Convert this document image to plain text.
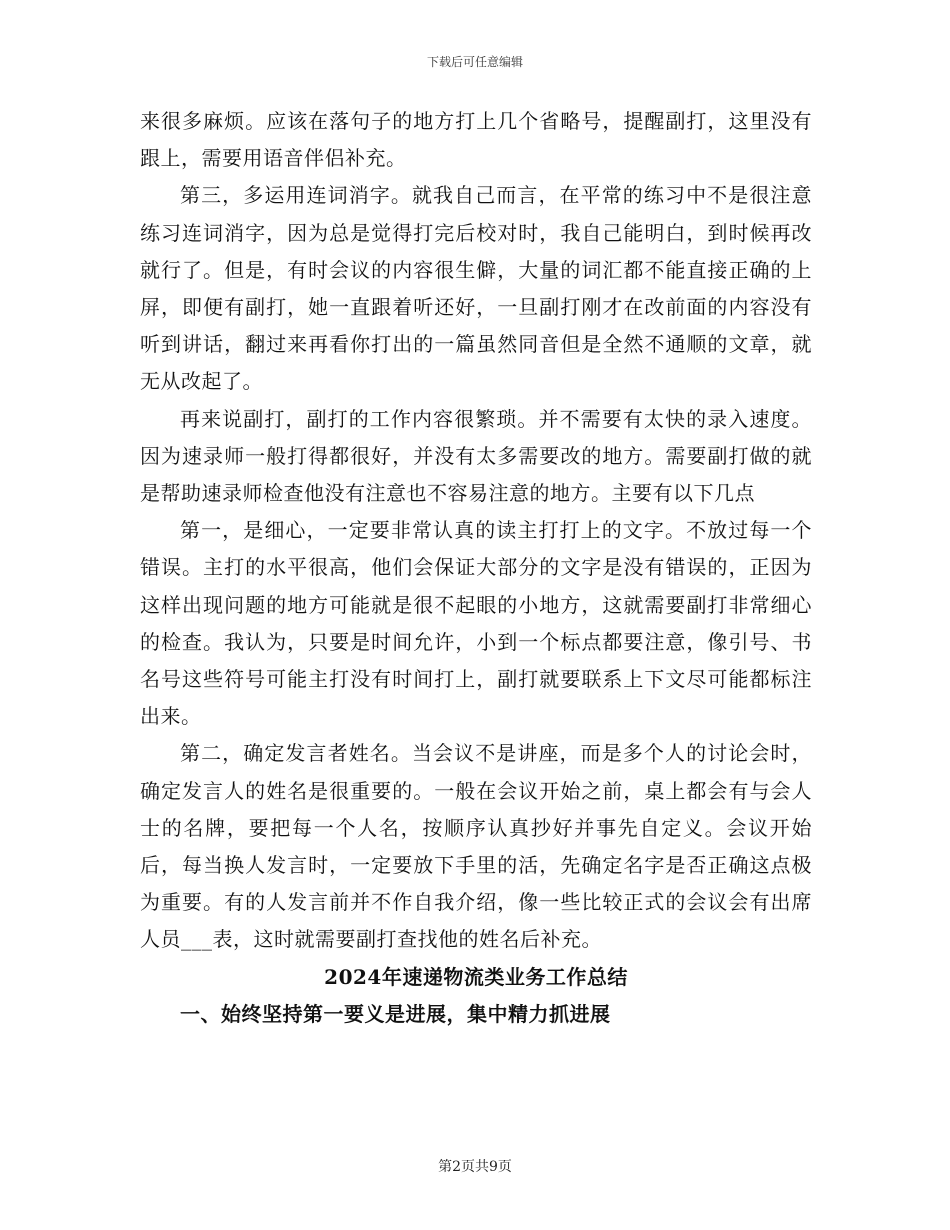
下载后可任意编辑

来很多麻烦。应该在落句子的地方打上几个省略号，提醒副打，这里没有跟上，需要用语音伴侣补充。

第三，多运用连词消字。就我自己而言，在平常的练习中不是很注意练习连词消字，因为总是觉得打完后校对时，我自己能明白，到时候再改就行了。但是，有时会议的内容很生僻，大量的词汇都不能直接正确的上屏，即便有副打，她一直跟着听还好，一旦副打刚才在改前面的内容没有听到讲话，翻过来再看你打出的一篇虽然同音但是全然不通顺的文章，就无从改起了。

再来说副打，副打的工作内容很繁琐。并不需要有太快的录入速度。因为速录师一般打得都很好，并没有太多需要改的地方。需要副打做的就是帮助速录师检查他没有注意也不容易注意的地方。主要有以下几点

第一，是细心，一定要非常认真的读主打打上的文字。不放过每一个错误。主打的水平很高，他们会保证大部分的文字是没有错误的，正因为这样出现问题的地方可能就是很不起眼的小地方，这就需要副打非常细心的检查。我认为，只要是时间允许，小到一个标点都要注意，像引号、书名号这些符号可能主打没有时间打上，副打就要联系上下文尽可能都标注出来。

第二，确定发言者姓名。当会议不是讲座，而是多个人的讨论会时，确定发言人的姓名是很重要的。一般在会议开始之前，桌上都会有与会人士的名牌，要把每一个人名，按顺序认真抄好并事先自定义。会议开始后，每当换人发言时，一定要放下手里的活，先确定名字是否正确这点极为重要。有的人发言前并不作自我介绍，像一些比较正式的会议会有出席人员___表，这时就需要副打查找他的姓名后补充。

2024年速递物流类业务工作总结

一、始终坚持第一要义是进展，集中精力抓进展

第2页共9页
